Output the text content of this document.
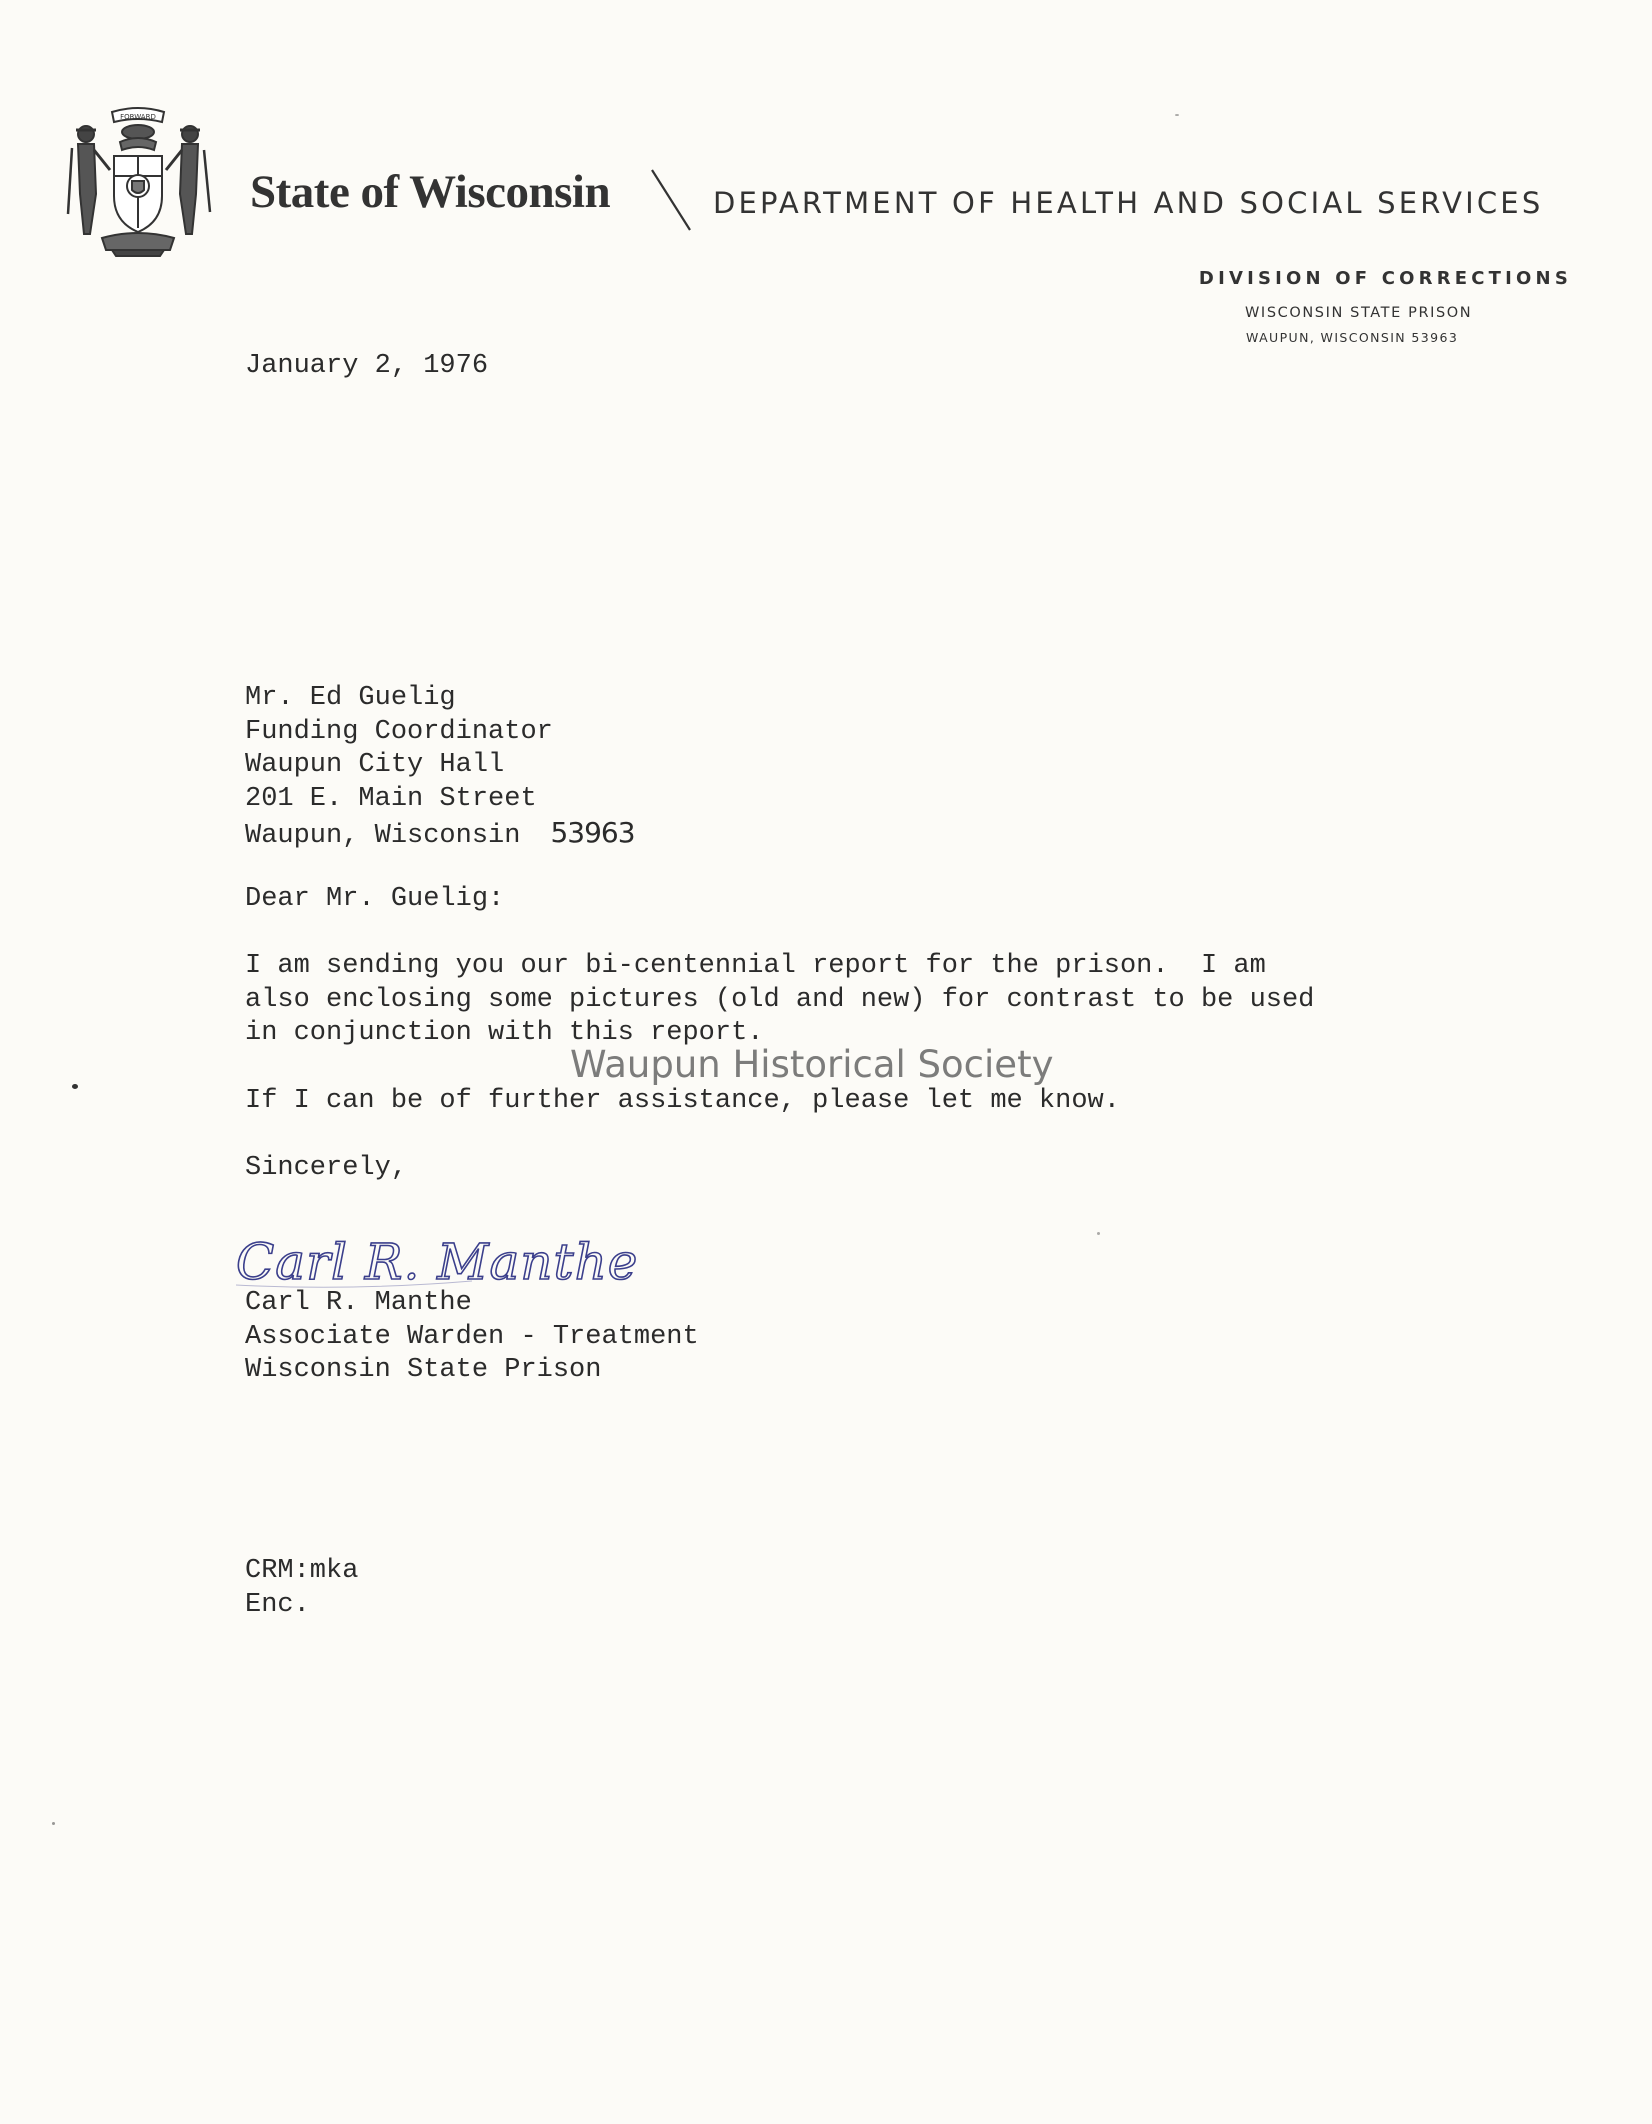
FORWARD
State of Wisconsin	DEPARTMENT OF HEALTH AND SOCIAL SERVICES
DIVISION OF CORRECTIONS
WISCONSIN STATE PRISON
WAUPUN, WISCONSIN 53963
January 2, 1976
Mr. Ed Guelig
Funding Coordinator
Waupun City Hall
201 E. Main Street
Waupun, Wisconsin 53963
Dear Mr. Guelig:
I am sending you our bi-centennial report for the prison.  I am
also enclosing some pictures (old and new) for contrast to be used
in conjunction with this report.
Waupun Historical Society
If I can be of further assistance, please let me know.
Sincerely,
Carl R. Manthe
Carl R. Manthe
Associate Warden - Treatment
Wisconsin State Prison
CRM:mka
Enc.
